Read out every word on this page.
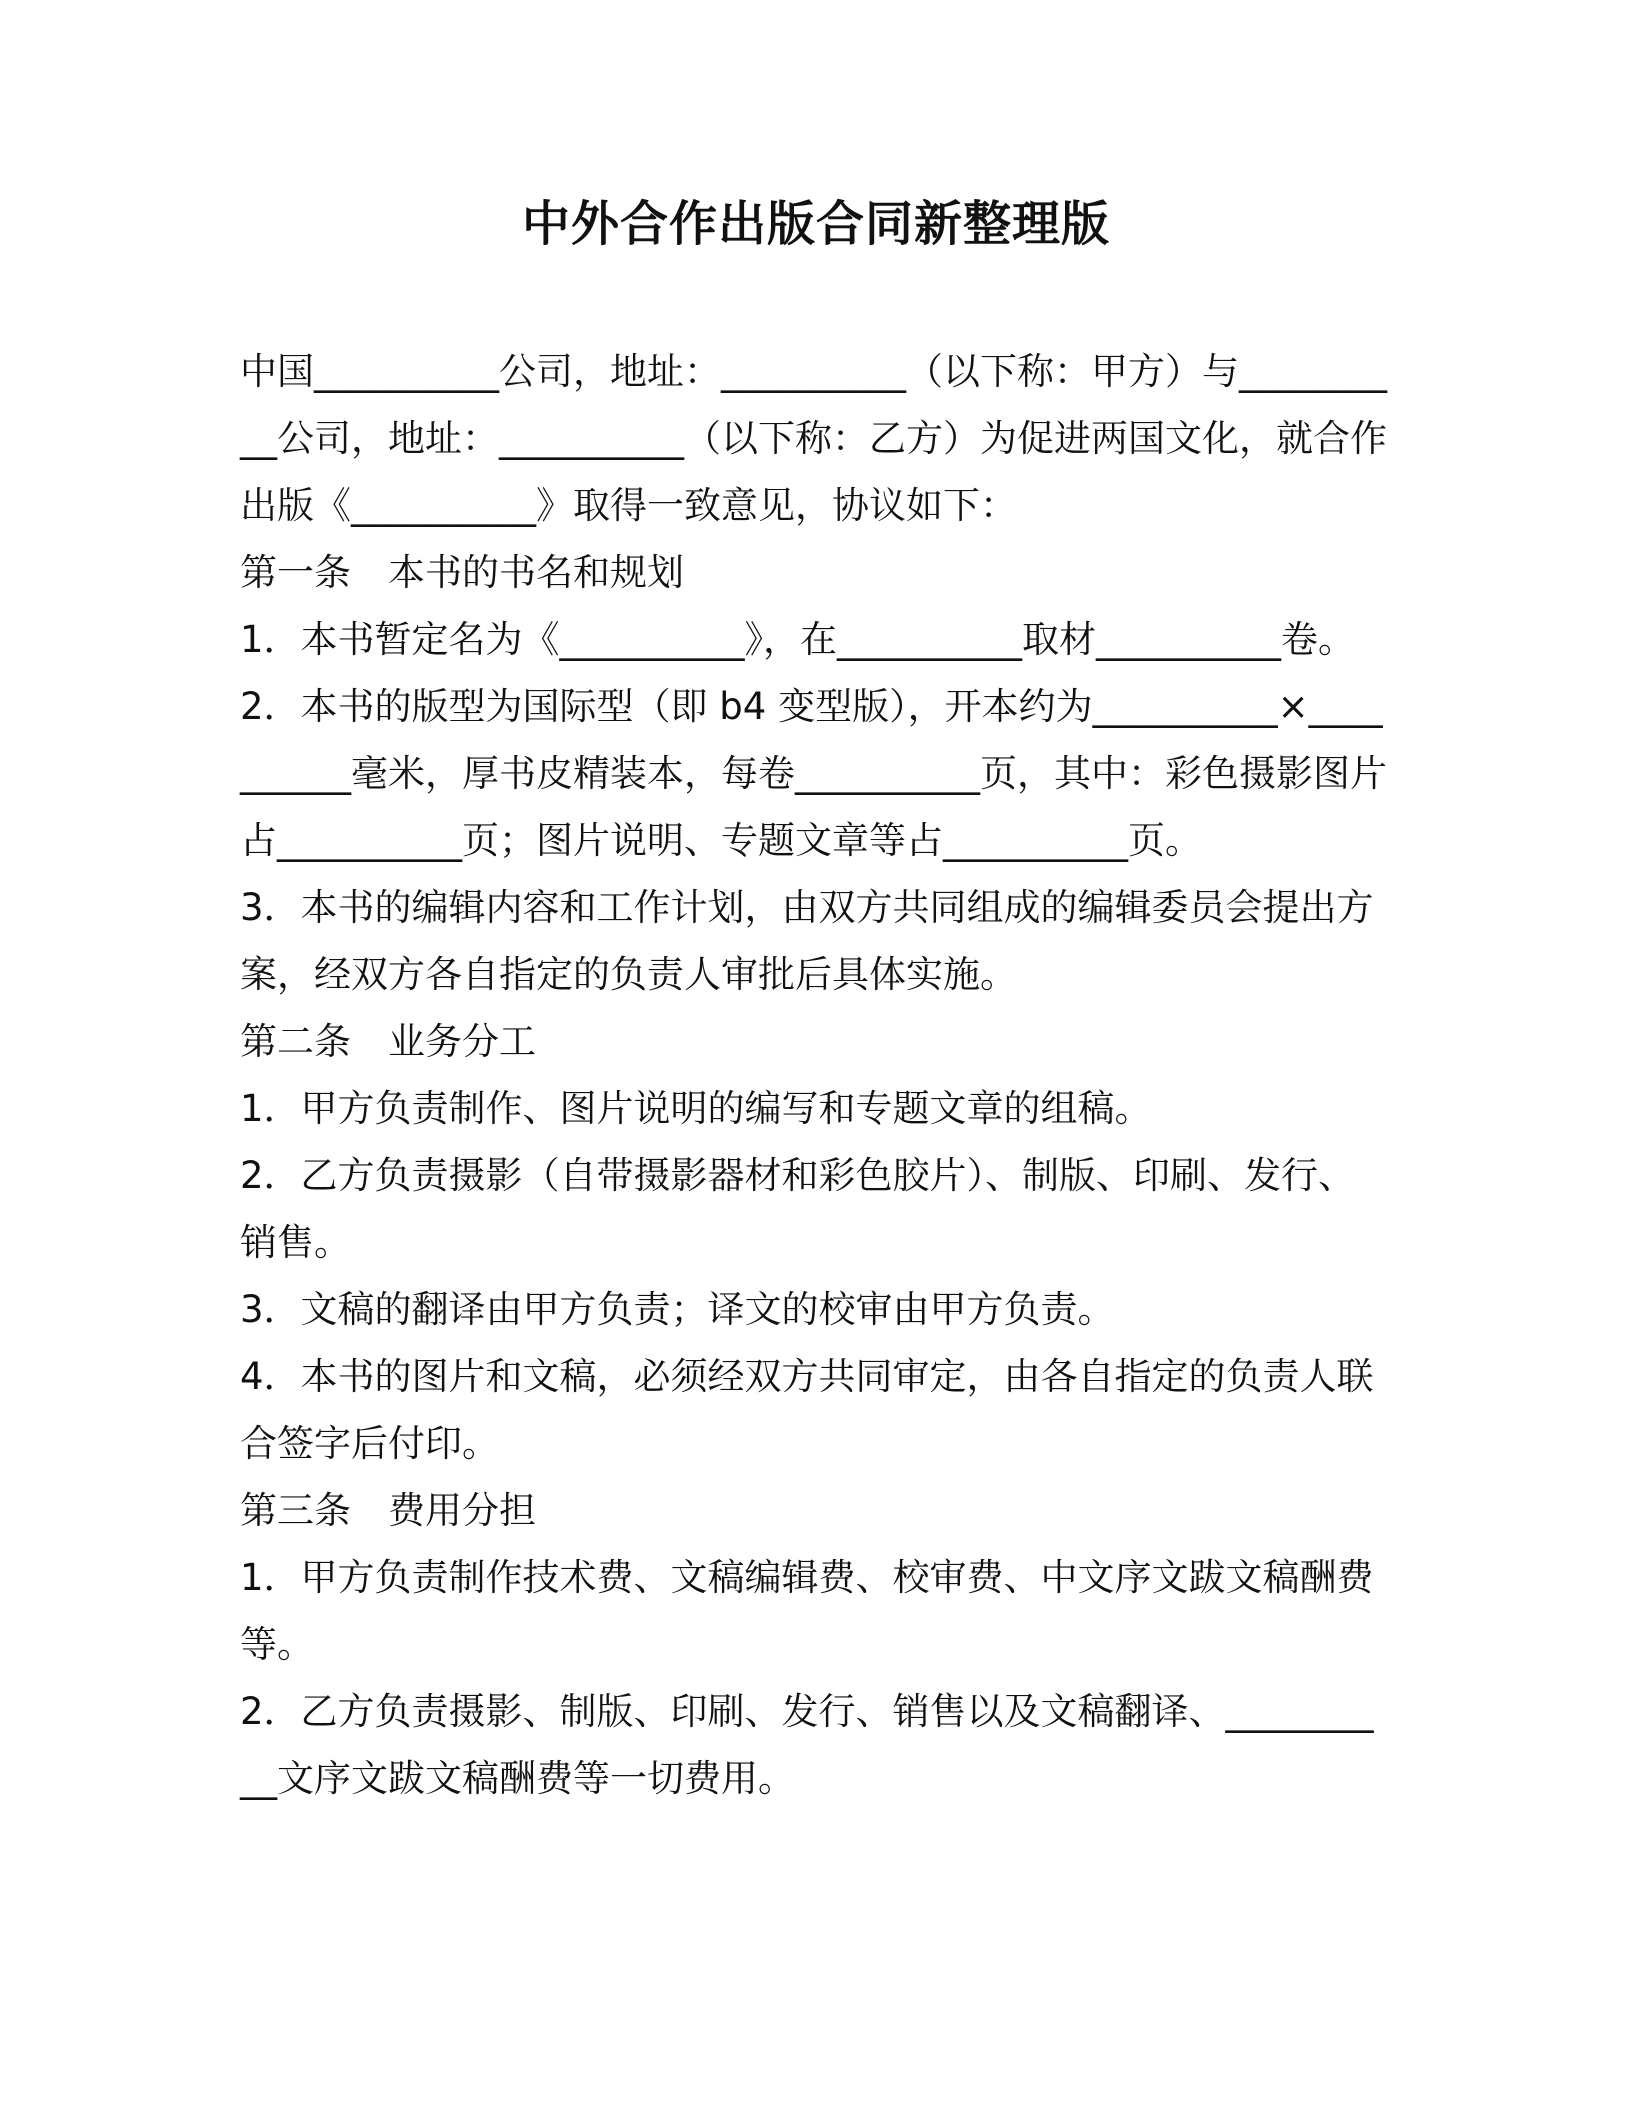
中外合作出版合同新整理版

中国__________公司，地址：__________（以下称：甲方）与__________公司，地址：__________（以下称：乙方）为促进两国文化，就合作出版《__________》取得一致意见，协议如下：

第一条　本书的书名和规划

1．本书暂定名为《__________》，在__________取材__________卷。

2．本书的版型为国际型（即 b4 变型版），开本约为__________×__________毫米，厚书皮精装本，每卷__________页，其中：彩色摄影图片占__________页；图片说明、专题文章等占__________页。

3．本书的编辑内容和工作计划，由双方共同组成的编辑委员会提出方案，经双方各自指定的负责人审批后具体实施。

第二条　业务分工

1．甲方负责制作、图片说明的编写和专题文章的组稿。

2．乙方负责摄影（自带摄影器材和彩色胶片）、制版、印刷、发行、销售。

3．文稿的翻译由甲方负责；译文的校审由甲方负责。

4．本书的图片和文稿，必须经双方共同审定，由各自指定的负责人联合签字后付印。

第三条　费用分担

1．甲方负责制作技术费、文稿编辑费、校审费、中文序文跋文稿酬费等。

2．乙方负责摄影、制版、印刷、发行、销售以及文稿翻译、__________文序文跋文稿酬费等一切费用。
